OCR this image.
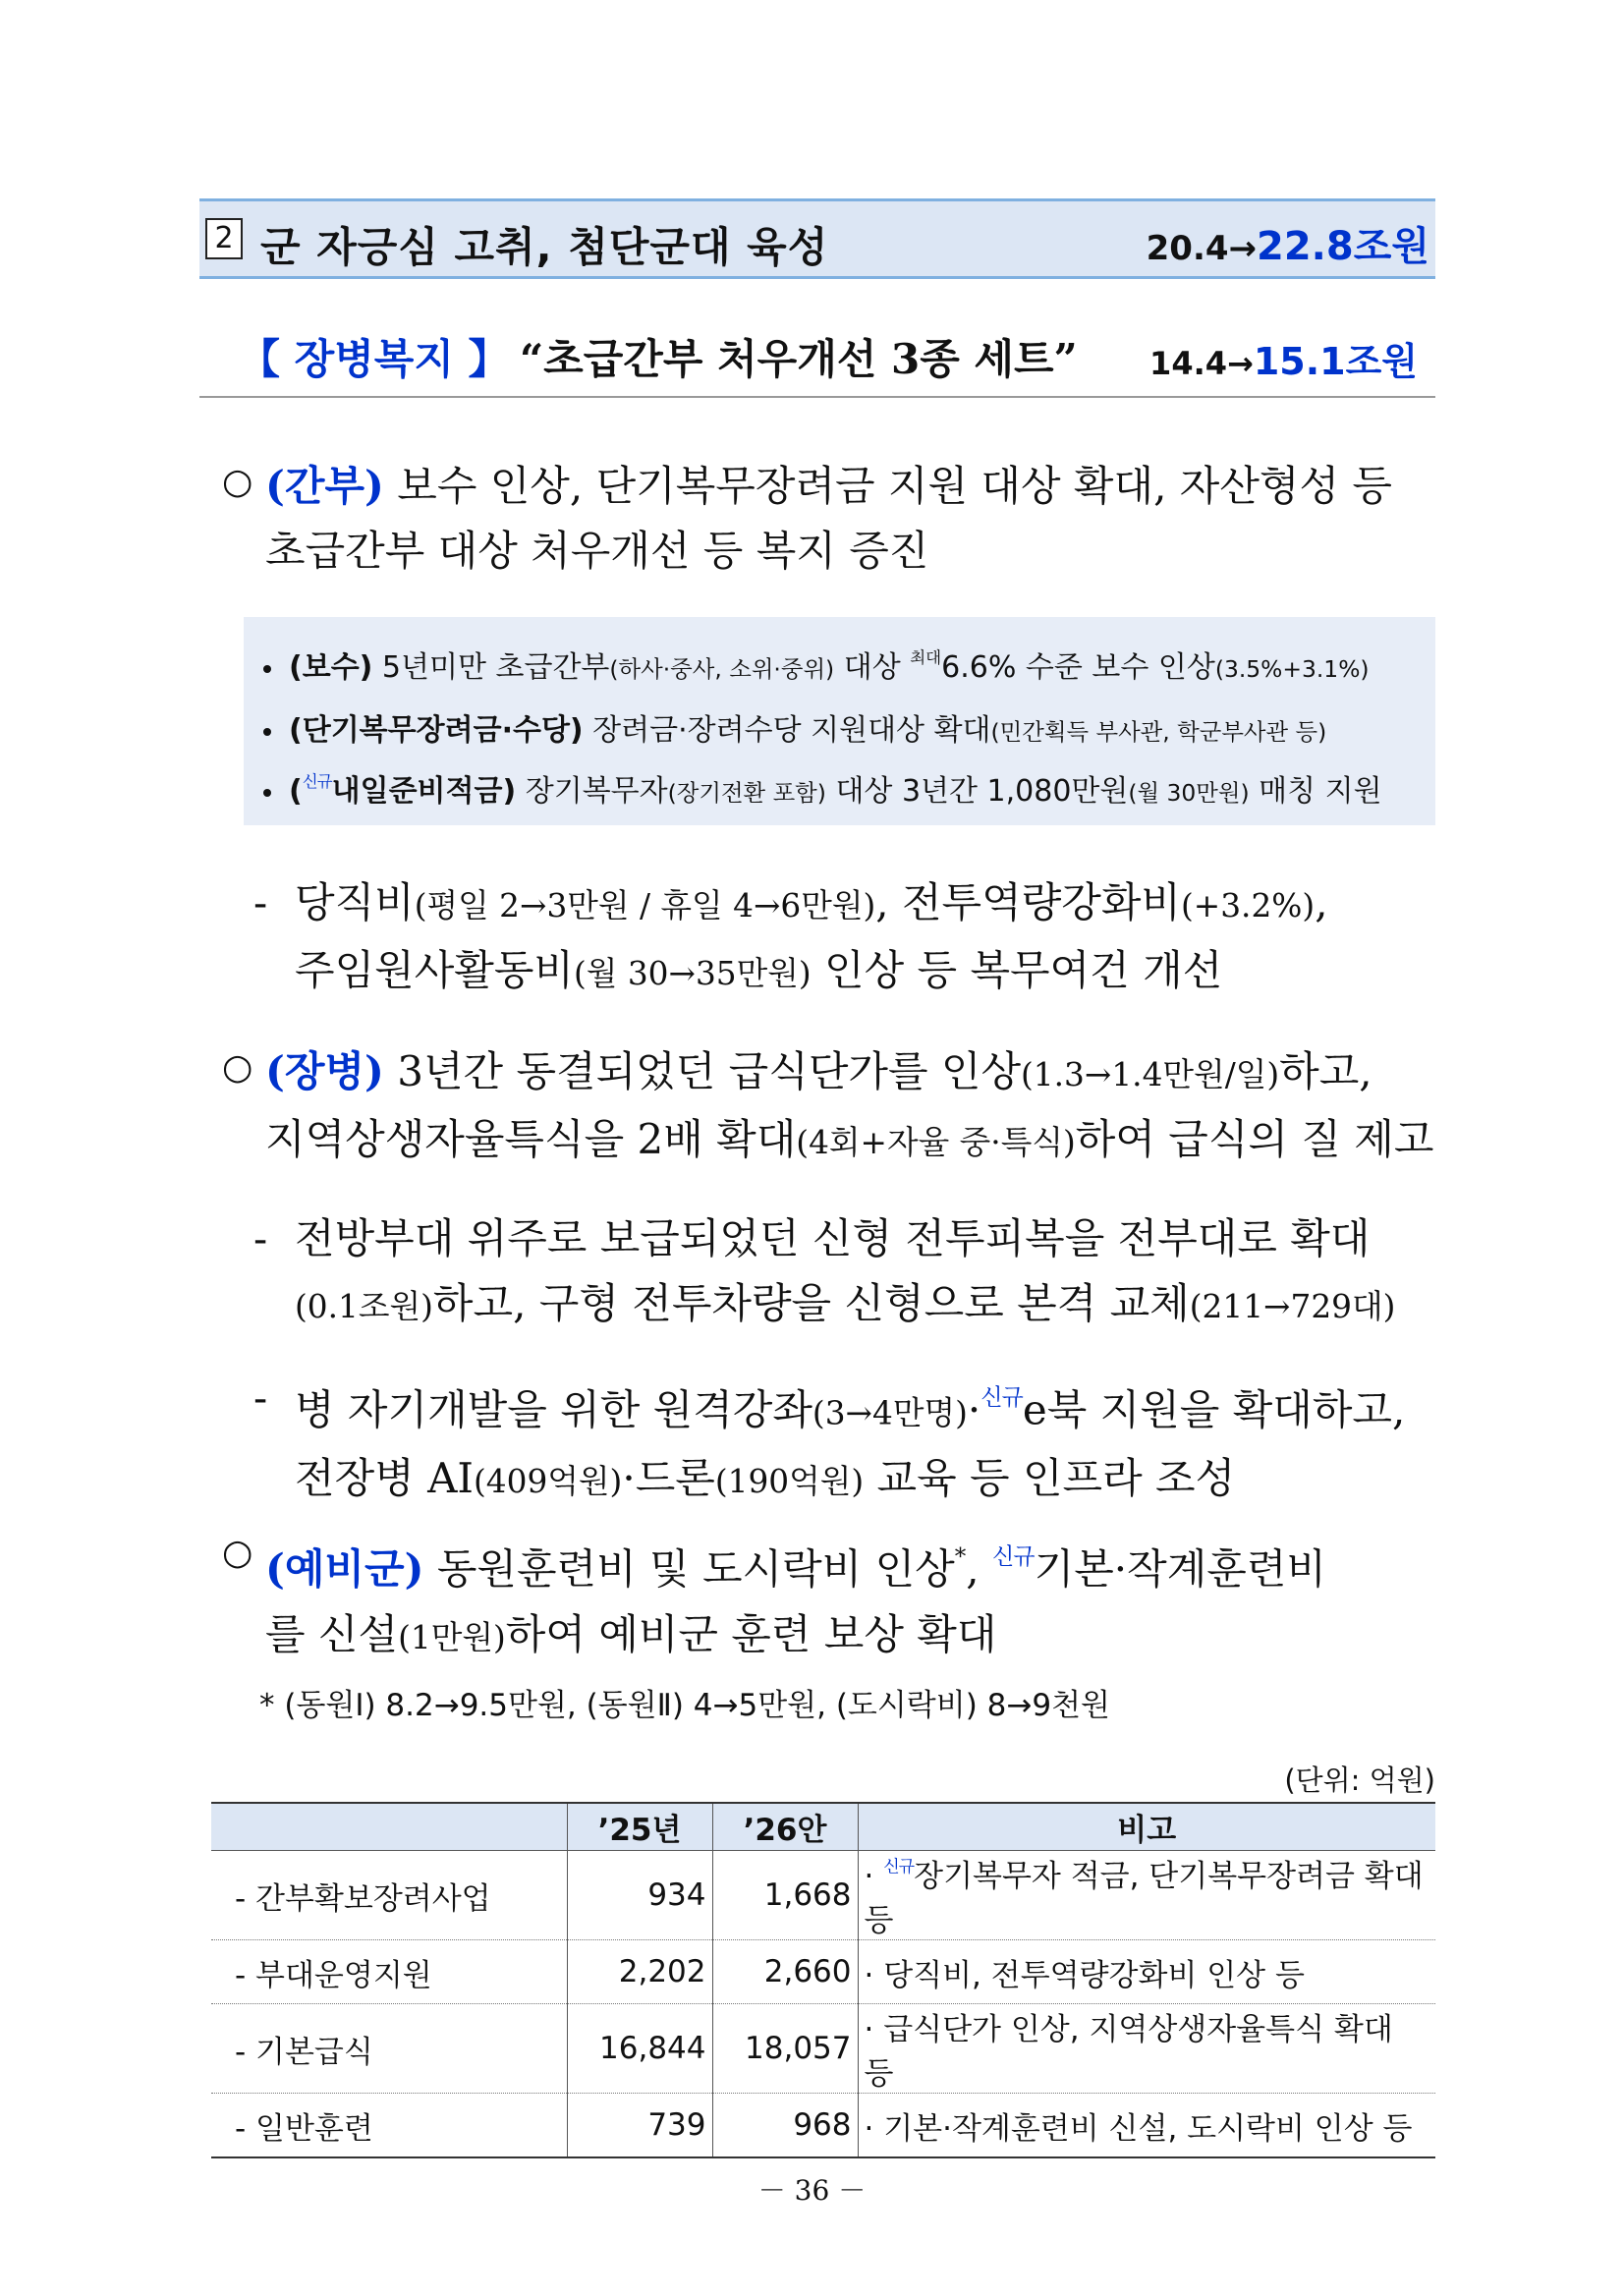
2 군 자긍심 고취, 첨단군대 육성	20.4→22.8조원
【 장병복지 】 “초급간부 처우개선 3종 세트” 14.4→15.1조원
○ (간부) 보수 인상, 단기복무장려금 지원 대상 확대, 자산형성 등
초급간부 대상 처우개선 등 복지 증진
(보수) 5년미만 초급간부(하사·중사, 소위·중위) 대상 $^{최대}$6.6% 수준 보수 인상(3.5%+3.1%)
(단기복무장려금·수당) 장려금·장려수당 지원대상 확대(민간획득 부사관, 학군부사관 등)
($^{신규}$내일준비적금) 장기복무자(장기전환 포함) 대상 3년간 1,080만원(월 30만원) 매칭 지원
- 당직비(평일 2→3만원 / 휴일 4→6만원), 전투역량강화비(+3.2%),
주임원사활동비(월 30→35만원) 인상 등 복무여건 개선
○ (장병) 3년간 동결되었던 급식단가를 인상(1.3→1.4만원/일)하고,
지역상생자율특식을 2배 확대(4회+자율 중·특식)하여 급식의 질 제고
- 전방부대 위주로 보급되었던 신형 전투피복을 전부대로 확대
(0.1조원)하고, 구형 전투차량을 신형으로 본격 교체(211→729대)
- 병 자기개발을 위한 원격강좌(3→4만명)·$^{신규}$e북 지원을 확대하고,
전장병 AI(409억원)·드론(190억원) 교육 등 인프라 조성
○ (예비군) 동원훈련비 및 도시락비 인상*, $^{신규}$기본·작계훈련비
를 신설(1만원)하여 예비군 훈련 보상 확대
* (동원Ⅰ) 8.2→9.5만원, (동원Ⅱ) 4→5만원, (도시락비) 8→9천원
(단위: 억원)
	’25년	’26안	비고
- 간부확보장려사업	934	1,668	· $^{신규}$장기복무자 적금, 단기복무장려금 확대 등
- 부대운영지원	2,202	2,660	· 당직비, 전투역량강화비 인상 등
- 기본급식	16,844	18,057	· 급식단가 인상, 지역상생자율특식 확대 등
- 일반훈련	739	968	· 기본·작계훈련비 신설, 도시락비 인상 등
－ 36 －
